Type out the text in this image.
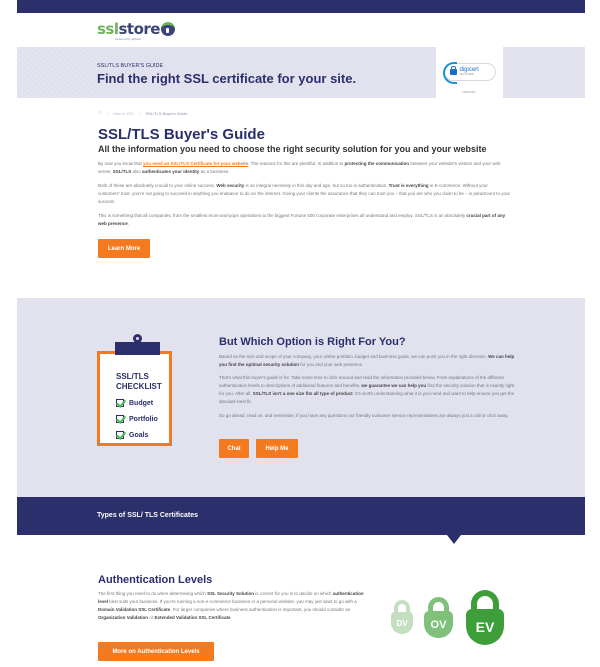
sslstore
powered by digicert
SSL/TLS BUYER'S GUIDE
Find the right SSL certificate for your site.
digicert
SECURED
VERIFIED
⌂ › How to SSL › SSL/TLS Buyer's Guide
SSL/TLS Buyer's Guide
All the information you need to choose the right security solution for you and your website

By now you know that you need an SSL/TLS Certificate for your website. The reasons for this are plentiful. In addition to protecting the communication between your website's visitors and your web server, SSL/TLS also authenticates your identity as a business.

Both of these are absolutely crucial to your online success. Web security is an integral necessity in this day and age, but so too is authentication. Trust is everything in E-commerce. Without your customers' trust, you're not going to succeed in anything you endeavor to do on the internet. Giving your clients the assurance that they can trust you – that you are who you claim to be – is paramount to your success.

This is something that all companies, from the smallest mom-and-pops operations to the biggest Fortune 500 corporate enterprises all understand and employ. SSL/TLS is an absolutely crucial part of any web presence.

Learn More
SSL/TLS
CHECKLIST
Budget
Portfolio
Goals
But Which Option is Right For You?

Based on the size and scope of your company, your online portfolio, budget and business goals, we can point you in the right direction. We can help you find the optimal security solution for you and your web presence.

That's what this buyer's guide is for. Take some time to click around and read the information provided below. From explanations of the different authentication levels to descriptions of additional features and benefits, we guarantee we can help you find the security solution that is exactly right for you. After all, SSL/TLS isn't a one size fits all type of product. It's worth understanding what it is you need and want to help ensure you get the absolute best fit.

So go ahead, read on, and remember, if you have any questions our friendly customer service representatives are always just a call or click away.

Chat	Help Me
Types of SSL/ TLS Certificates
Authentication Levels

The first thing you need to do when determining which SSL Security Solution is correct for you is to decide on which authentication level best suits your business. If you're running a non-e-commerce business or a personal website, you may just want to go with a Domain Validation SSL Certificate. For larger companies where business authentication is important, you should consider an Organization Validation or Extended Validation SSL Certificate.

More on Authentication Levels
DV	OV	EV
